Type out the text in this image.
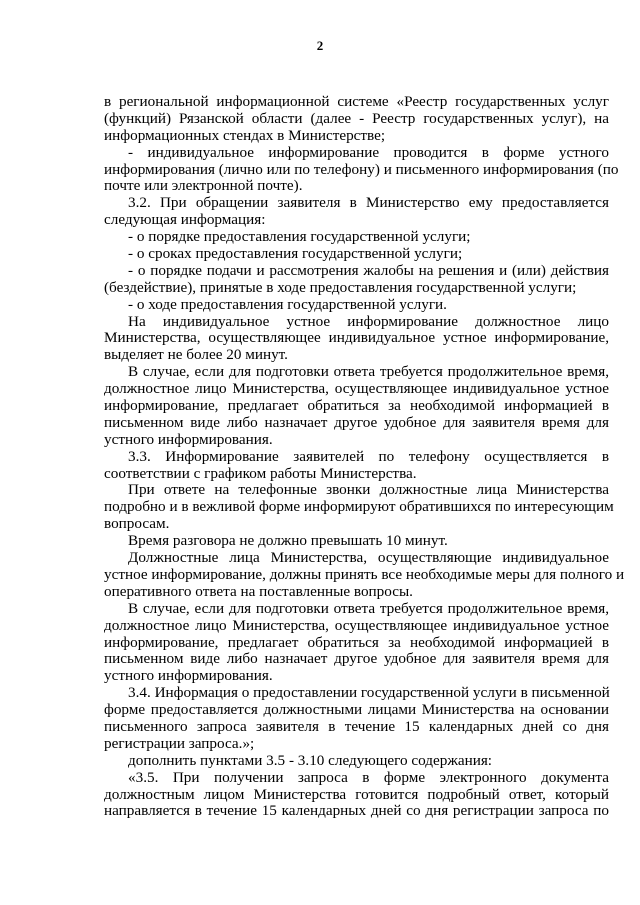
2
в региональной информационной системе «Реестр государственных услуг
(функций) Рязанской области (далее - Реестр государственных услуг), на
информационных стендах в Министерстве;
- индивидуальное информирование проводится в форме устного
информирования (лично или по телефону) и письменного информирования (по
почте или электронной почте).
3.2. При обращении заявителя в Министерство ему предоставляется
следующая информация:
- о порядке предоставления государственной услуги;
- о сроках предоставления государственной услуги;
- о порядке подачи и рассмотрения жалобы на решения и (или) действия
(бездействие), принятые в ходе предоставления государственной услуги;
- о ходе предоставления государственной услуги.
На индивидуальное устное информирование должностное лицо
Министерства, осуществляющее индивидуальное устное информирование,
выделяет не более 20 минут.
В случае, если для подготовки ответа требуется продолжительное время,
должностное лицо Министерства, осуществляющее индивидуальное устное
информирование, предлагает обратиться за необходимой информацией в
письменном виде либо назначает другое удобное для заявителя время для
устного информирования.
3.3. Информирование заявителей по телефону осуществляется в
соответствии с графиком работы Министерства.
При ответе на телефонные звонки должностные лица Министерства
подробно и в вежливой форме информируют обратившихся по интересующим
вопросам.
Время разговора не должно превышать 10 минут.
Должностные лица Министерства, осуществляющие индивидуальное
устное информирование, должны принять все необходимые меры для полного и
оперативного ответа на поставленные вопросы.
В случае, если для подготовки ответа требуется продолжительное время,
должностное лицо Министерства, осуществляющее индивидуальное устное
информирование, предлагает обратиться за необходимой информацией в
письменном виде либо назначает другое удобное для заявителя время для
устного информирования.
3.4. Информация о предоставлении государственной услуги в письменной
форме предоставляется должностными лицами Министерства на основании
письменного запроса заявителя в течение 15 календарных дней со дня
регистрации запроса.»;
дополнить пунктами 3.5 - 3.10 следующего содержания:
«3.5. При получении запроса в форме электронного документа
должностным лицом Министерства готовится подробный ответ, который
направляется в течение 15 календарных дней со дня регистрации запроса по
